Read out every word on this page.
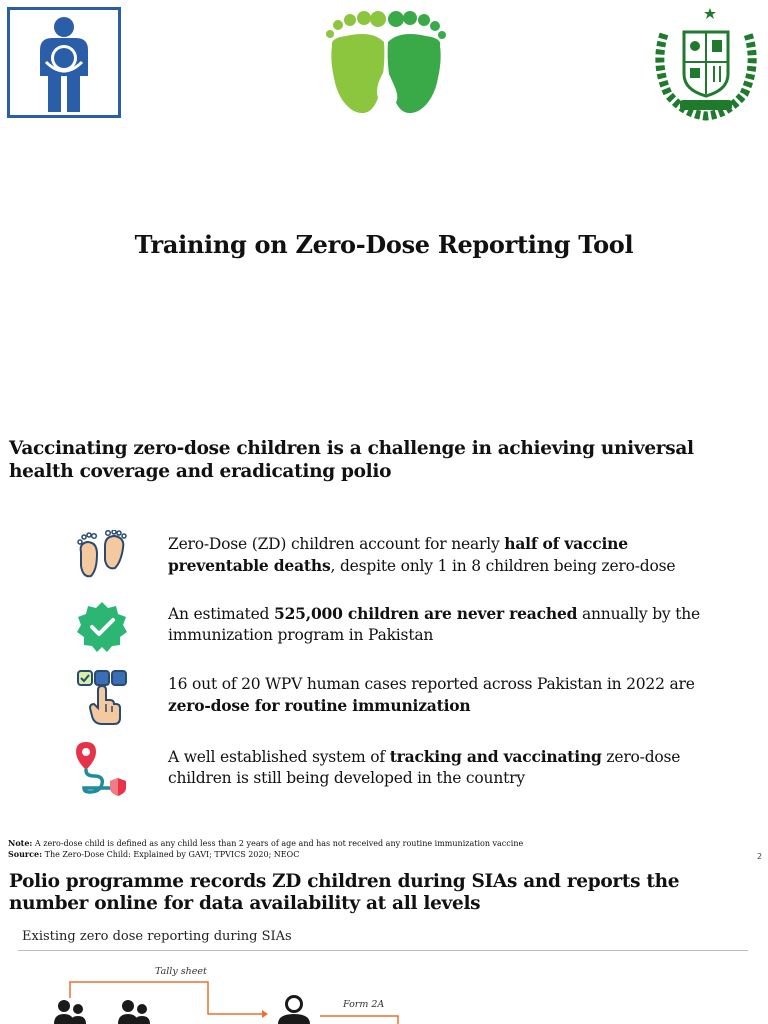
Training on Zero-Dose Reporting Tool
Vaccinating zero-dose children is a challenge in achieving universal health coverage and eradicating polio
Zero-Dose (ZD) children account for nearly half of vaccine preventable deaths, despite only 1 in 8 children being zero-dose
An estimated 525,000 children are never reached annually by the immunization program in Pakistan
16 out of 20 WPV human cases reported across Pakistan in 2022 are zero-dose for routine immunization
A well established system of tracking and vaccinating zero-dose children is still being developed in the country
Note: A zero-dose child is defined as any child less than 2 years of age and has not received any routine immunization vaccine
Source: The Zero-Dose Child: Explained by GAVI; TPVICS 2020; NEOC	2
Polio programme records ZD children during SIAs and reports the number online for data availability at all levels
Existing zero dose reporting during SIAs
Tally sheet
Form 2A
